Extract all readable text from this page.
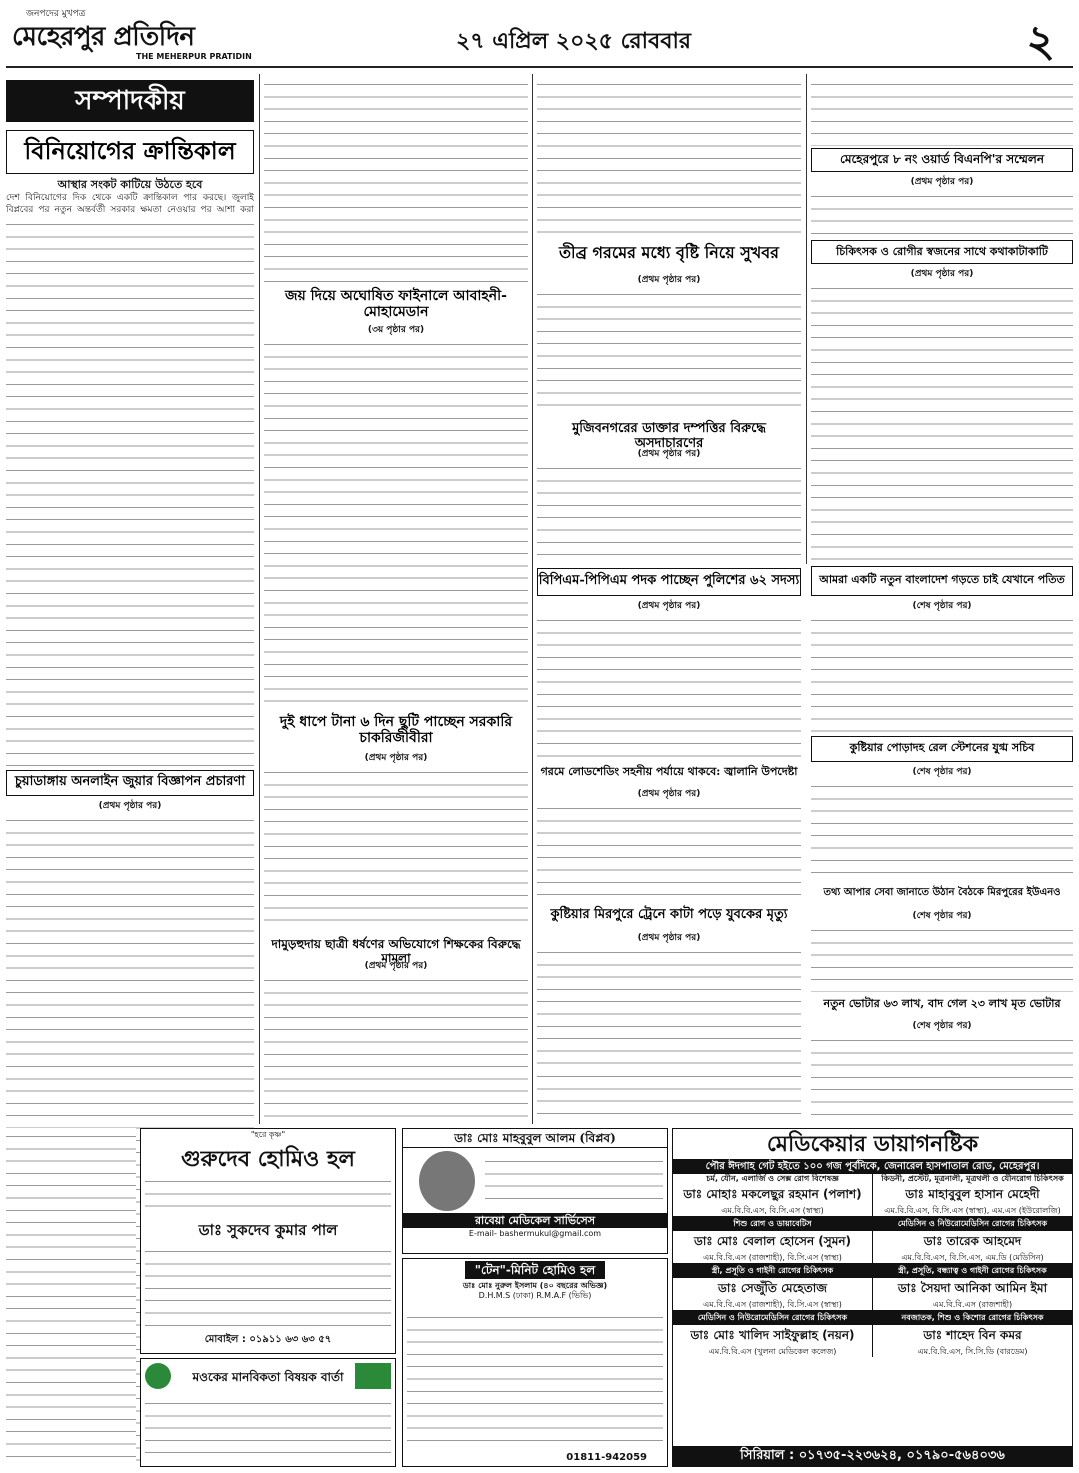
জনপদের মুখপত্র
মেহেরপুর প্রতিদিন
THE MEHERPUR PRATIDIN
২৭ এপ্রিল ২০২৫ রোববার	২
সম্পাদকীয়
বিনিয়োগের ক্রান্তিকাল
আস্থার সংকট কাটিয়ে উঠতে হবে
দেশ বিনিয়োগের দিক থেকে একটি ক্রান্তিকাল পার করছে। জুলাই বিপ্লবের পর নতুন অন্তর্বর্তী সরকার ক্ষমতা নেওয়ার পর আশা করা
চুয়াডাঙ্গায় অনলাইন জুয়ার বিজ্ঞাপন প্রচারণা
(প্রথম পৃষ্ঠার পর)
জয় দিয়ে অঘোষিত ফাইনালে আবাহনী-মোহামেডান
(৩য় পৃষ্ঠার পর)
দুই ধাপে টানা ৬ দিন ছুটি পাচ্ছেন সরকারি চাকরিজীবীরা
(প্রথম পৃষ্ঠার পর)
দামুড়হুদায় ছাত্রী ধর্ষণের অভিযোগে শিক্ষকের বিরুদ্ধে মামলা
(প্রথম পৃষ্ঠার পর)
তীব্র গরমের মধ্যে বৃষ্টি নিয়ে সুখবর
(প্রথম পৃষ্ঠার পর)
মুজিবনগরের ডাক্তার দম্পত্তির বিরুদ্ধে অসদাচারণের
(প্রথম পৃষ্ঠার পর)
বিপিএম-পিপিএম পদক পাচ্ছেন পুলিশের ৬২ সদস্য
(প্রথম পৃষ্ঠার পর)
গরমে লোডশেডিং সহনীয় পর্যায়ে থাকবে: জ্বালানি উপদেষ্টা
(প্রথম পৃষ্ঠার পর)
কুষ্টিয়ার মিরপুরে ট্রেনে কাটা পড়ে যুবকের মৃত্যু
(প্রথম পৃষ্ঠার পর)
মেহেরপুরে ৮ নং ওয়ার্ড বিএনপি'র সম্মেলন
(প্রথম পৃষ্ঠার পর)
চিকিৎসক ও রোগীর স্বজনের সাথে কথাকাটাকাটি
(প্রথম পৃষ্ঠার পর)
মেডিকেয়ার ডায়াগনষ্টিক
পৌর ঈদগাহ গেট হইতে ১০০ গজ পূর্বদিকে, জেনারেল হাসপাতাল রোড, মেহেরপুর।
চর্ম, যৌন, এলার্জি ও সেক্স রোগ বিশেষজ্ঞ
ডাঃ মোহাঃ মকলেছুর রহমান (পলাশ)
এম.বি.বি.এস, বি.সি.এস (স্বাস্থ্য)
কিডনী, প্রস্টেট, মূত্রনালী, মূত্রথলী ও যৌনরোগ চিকিৎসক
ডাঃ মাহাবুবুল হাসান মেহেদী
এম.বি.বি.এস, বি.সি.এস (স্বাস্থ্য), এম.এস (ইউরোলজি)
শিশু রোগ ও ডায়াবেটিস
ডাঃ মোঃ বেলাল হোসেন (সুমন)
এম.বি.বি.এস (রাজশাহী), বি.সি.এস (স্বাস্থ্য)
মেডিসিন ও নিউরোমেডিসিন রোগের চিকিৎসক
ডাঃ তারেক আহমেদ
এম.বি.বি.এস, বি.সি.এস, এম.ডি (মেডিসিন)
স্ত্রী, প্রসূতি ও গাইনী রোগের চিকিৎসক
ডাঃ সেজুঁতি মেহেতাজ
এম.বি.বি.এস (রাজশাহী), বি.সি.এস (স্বাস্থ্য)
স্ত্রী, প্রসূতি, বন্ধ্যাত্ব ও গাইনী রোগের চিকিৎসক
ডাঃ সৈয়দা আনিকা আমিন ইমা
এম.বি.বি.এস (রাজশাহী)
মেডিসিন ও নিউরোমেডিসিন রোগের চিকিৎসক
ডাঃ মোঃ খালিদ সাইফুল্লাহ (নয়ন)
এম.বি.বি.এস (খুলনা মেডিকেল কলেজ)
নবজাতক, শিশু ও কিশোর রোগের চিকিৎসক
ডাঃ শাহেদ বিন কমর
এম.বি.বি.এস, সি.সি.ডি (বারডেম)
সিরিয়াল : ০১৭৩৫-২২৩৬২৪, ০১৭৯০-৫৬৪০৩৬
"হরে কৃষ্ণ"
গুরুদেব হোমিও হল
ডাঃ সুকদেব কুমার পাল
মোবাইল : ০১৯১১ ৬৩ ৬৩ ৫৭
মওকের মানবিকতা বিষয়ক বার্তা
ডাঃ মোঃ মাহবুবুল আলম (বিপ্লব)
রাবেয়া মেডিকেল সার্ভিসেস
E-mail- bashermukul@gmail.com
"টেন"-মিনিট হোমিও হল
ডাঃ মোঃ নুরুল ইসলাম (৪০ বছরের অভিজ্ঞ)
D.H.M.S (ঢাকা) R.M.A.F (ভিভি)
01811-942059
আমরা একটি নতুন বাংলাদেশ গড়তে চাই যেখানে পতিত
(শেষ পৃষ্ঠার পর)
কুষ্টিয়ার পোড়াদহ রেল স্টেশনের যুগ্ম সচিব
(শেষ পৃষ্ঠার পর)
তথ্য আপার সেবা জানাতে উঠান বৈঠকে মিরপুরের ইউএনও
(শেষ পৃষ্ঠার পর)
নতুন ভোটার ৬৩ লাখ, বাদ গেল ২৩ লাখ মৃত ভোটার
(শেষ পৃষ্ঠার পর)
